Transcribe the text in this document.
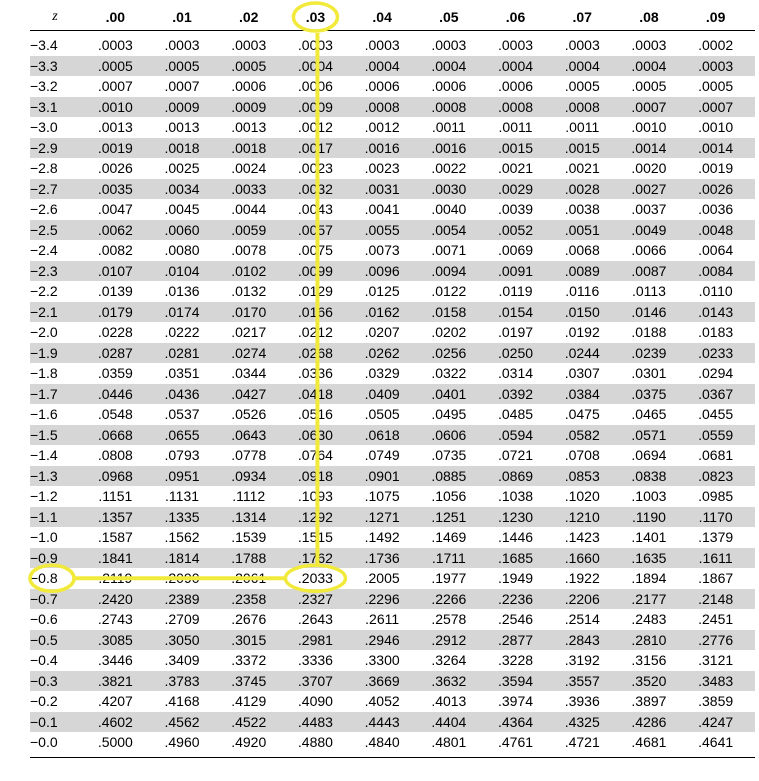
z	.00	.01	.02	.03	.04	.05	.06	.07	.08	.09
−3.4	.0003	.0003	.0003	.0003	.0003	.0003	.0003	.0003	.0003	.0002
−3.3	.0005	.0005	.0005	.0004	.0004	.0004	.0004	.0004	.0004	.0003
−3.2	.0007	.0007	.0006	.0006	.0006	.0006	.0006	.0005	.0005	.0005
−3.1	.0010	.0009	.0009	.0009	.0008	.0008	.0008	.0008	.0007	.0007
−3.0	.0013	.0013	.0013	.0012	.0012	.0011	.0011	.0011	.0010	.0010
−2.9	.0019	.0018	.0018	.0017	.0016	.0016	.0015	.0015	.0014	.0014
−2.8	.0026	.0025	.0024	.0023	.0023	.0022	.0021	.0021	.0020	.0019
−2.7	.0035	.0034	.0033	.0032	.0031	.0030	.0029	.0028	.0027	.0026
−2.6	.0047	.0045	.0044	.0043	.0041	.0040	.0039	.0038	.0037	.0036
−2.5	.0062	.0060	.0059	.0057	.0055	.0054	.0052	.0051	.0049	.0048
−2.4	.0082	.0080	.0078	.0075	.0073	.0071	.0069	.0068	.0066	.0064
−2.3	.0107	.0104	.0102	.0099	.0096	.0094	.0091	.0089	.0087	.0084
−2.2	.0139	.0136	.0132	.0129	.0125	.0122	.0119	.0116	.0113	.0110
−2.1	.0179	.0174	.0170	.0166	.0162	.0158	.0154	.0150	.0146	.0143
−2.0	.0228	.0222	.0217	.0212	.0207	.0202	.0197	.0192	.0188	.0183
−1.9	.0287	.0281	.0274	.0268	.0262	.0256	.0250	.0244	.0239	.0233
−1.8	.0359	.0351	.0344	.0336	.0329	.0322	.0314	.0307	.0301	.0294
−1.7	.0446	.0436	.0427	.0418	.0409	.0401	.0392	.0384	.0375	.0367
−1.6	.0548	.0537	.0526	.0516	.0505	.0495	.0485	.0475	.0465	.0455
−1.5	.0668	.0655	.0643	.0630	.0618	.0606	.0594	.0582	.0571	.0559
−1.4	.0808	.0793	.0778	.0764	.0749	.0735	.0721	.0708	.0694	.0681
−1.3	.0968	.0951	.0934	.0918	.0901	.0885	.0869	.0853	.0838	.0823
−1.2	.1151	.1131	.1112	.1093	.1075	.1056	.1038	.1020	.1003	.0985
−1.1	.1357	.1335	.1314	.1292	.1271	.1251	.1230	.1210	.1190	.1170
−1.0	.1587	.1562	.1539	.1515	.1492	.1469	.1446	.1423	.1401	.1379
−0.9	.1841	.1814	.1788	.1762	.1736	.1711	.1685	.1660	.1635	.1611
−0.8	.2119	.2090	.2061	.2033	.2005	.1977	.1949	.1922	.1894	.1867
−0.7	.2420	.2389	.2358	.2327	.2296	.2266	.2236	.2206	.2177	.2148
−0.6	.2743	.2709	.2676	.2643	.2611	.2578	.2546	.2514	.2483	.2451
−0.5	.3085	.3050	.3015	.2981	.2946	.2912	.2877	.2843	.2810	.2776
−0.4	.3446	.3409	.3372	.3336	.3300	.3264	.3228	.3192	.3156	.3121
−0.3	.3821	.3783	.3745	.3707	.3669	.3632	.3594	.3557	.3520	.3483
−0.2	.4207	.4168	.4129	.4090	.4052	.4013	.3974	.3936	.3897	.3859
−0.1	.4602	.4562	.4522	.4483	.4443	.4404	.4364	.4325	.4286	.4247
−0.0	.5000	.4960	.4920	.4880	.4840	.4801	.4761	.4721	.4681	.4641
